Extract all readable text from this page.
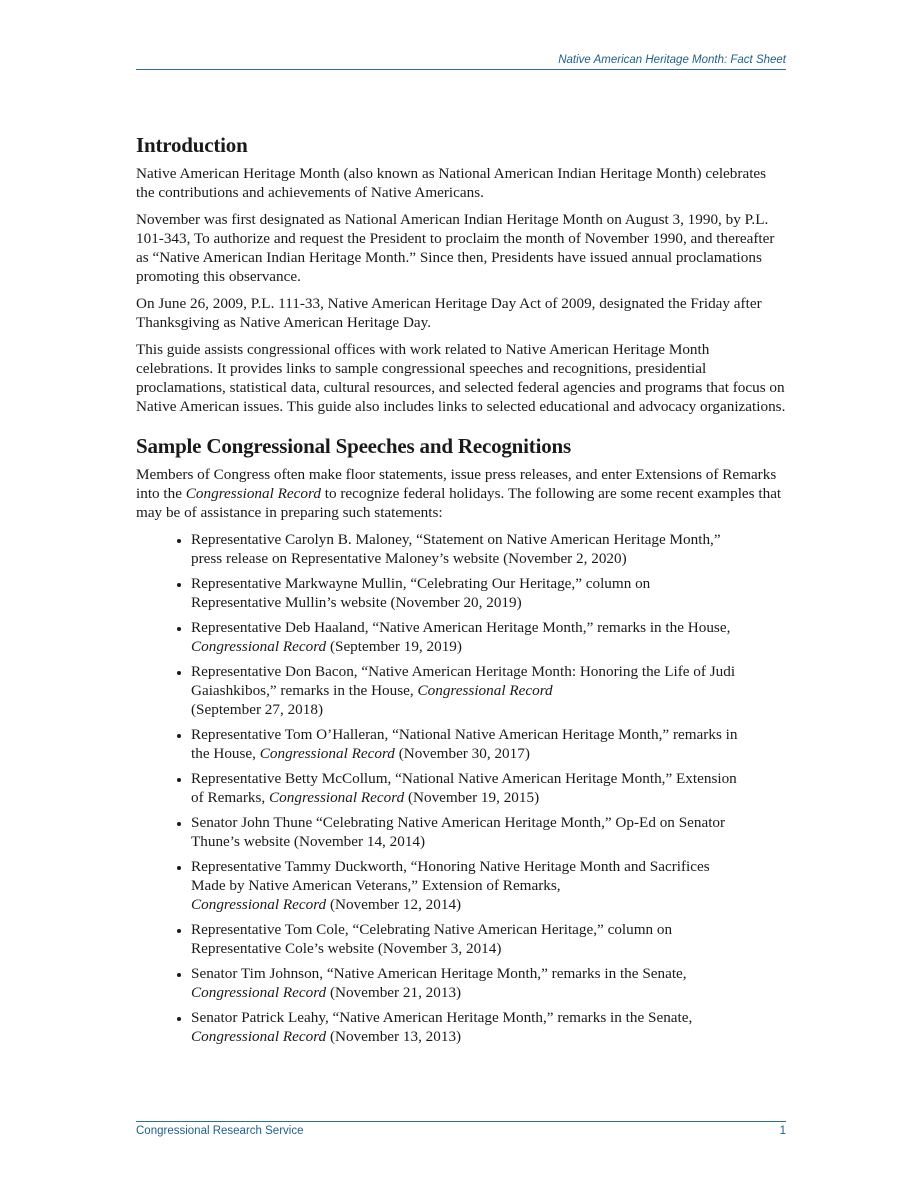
Native American Heritage Month: Fact Sheet
Introduction

Native American Heritage Month (also known as National American Indian Heritage Month) celebrates the contributions and achievements of Native Americans.

November was first designated as National American Indian Heritage Month on August 3, 1990, by P.L. 101-343, To authorize and request the President to proclaim the month of November 1990, and thereafter as “Native American Indian Heritage Month.” Since then, Presidents have issued annual proclamations promoting this observance.

On June 26, 2009, P.L. 111-33, Native American Heritage Day Act of 2009, designated the Friday after Thanksgiving as Native American Heritage Day.

This guide assists congressional offices with work related to Native American Heritage Month celebrations. It provides links to sample congressional speeches and recognitions, presidential proclamations, statistical data, cultural resources, and selected federal agencies and programs that focus on Native American issues. This guide also includes links to selected educational and advocacy organizations.

Sample Congressional Speeches and Recognitions

Members of Congress often make floor statements, issue press releases, and enter Extensions of Remarks into the Congressional Record to recognize federal holidays. The following are some recent examples that may be of assistance in preparing such statements:

• Representative Carolyn B. Maloney, “Statement on Native American Heritage Month,” press release on Representative Maloney’s website (November 2, 2020)
• Representative Markwayne Mullin, “Celebrating Our Heritage,” column on Representative Mullin’s website (November 20, 2019)
• Representative Deb Haaland, “Native American Heritage Month,” remarks in the House, Congressional Record (September 19, 2019)
• Representative Don Bacon, “Native American Heritage Month: Honoring the Life of Judi Gaiashkibos,” remarks in the House, Congressional Record
(September 27, 2018)
• Representative Tom O’Halleran, “National Native American Heritage Month,” remarks in the House, Congressional Record (November 30, 2017)
• Representative Betty McCollum, “National Native American Heritage Month,” Extension of Remarks, Congressional Record (November 19, 2015)
• Senator John Thune “Celebrating Native American Heritage Month,” Op-Ed on Senator Thune’s website (November 14, 2014)
• Representative Tammy Duckworth, “Honoring Native Heritage Month and Sacrifices Made by Native American Veterans,” Extension of Remarks,
Congressional Record (November 12, 2014)
• Representative Tom Cole, “Celebrating Native American Heritage,” column on Representative Cole’s website (November 3, 2014)
• Senator Tim Johnson, “Native American Heritage Month,” remarks in the Senate, Congressional Record (November 21, 2013)
• Senator Patrick Leahy, “Native American Heritage Month,” remarks in the Senate, Congressional Record (November 13, 2013)
Congressional Research Service	1
